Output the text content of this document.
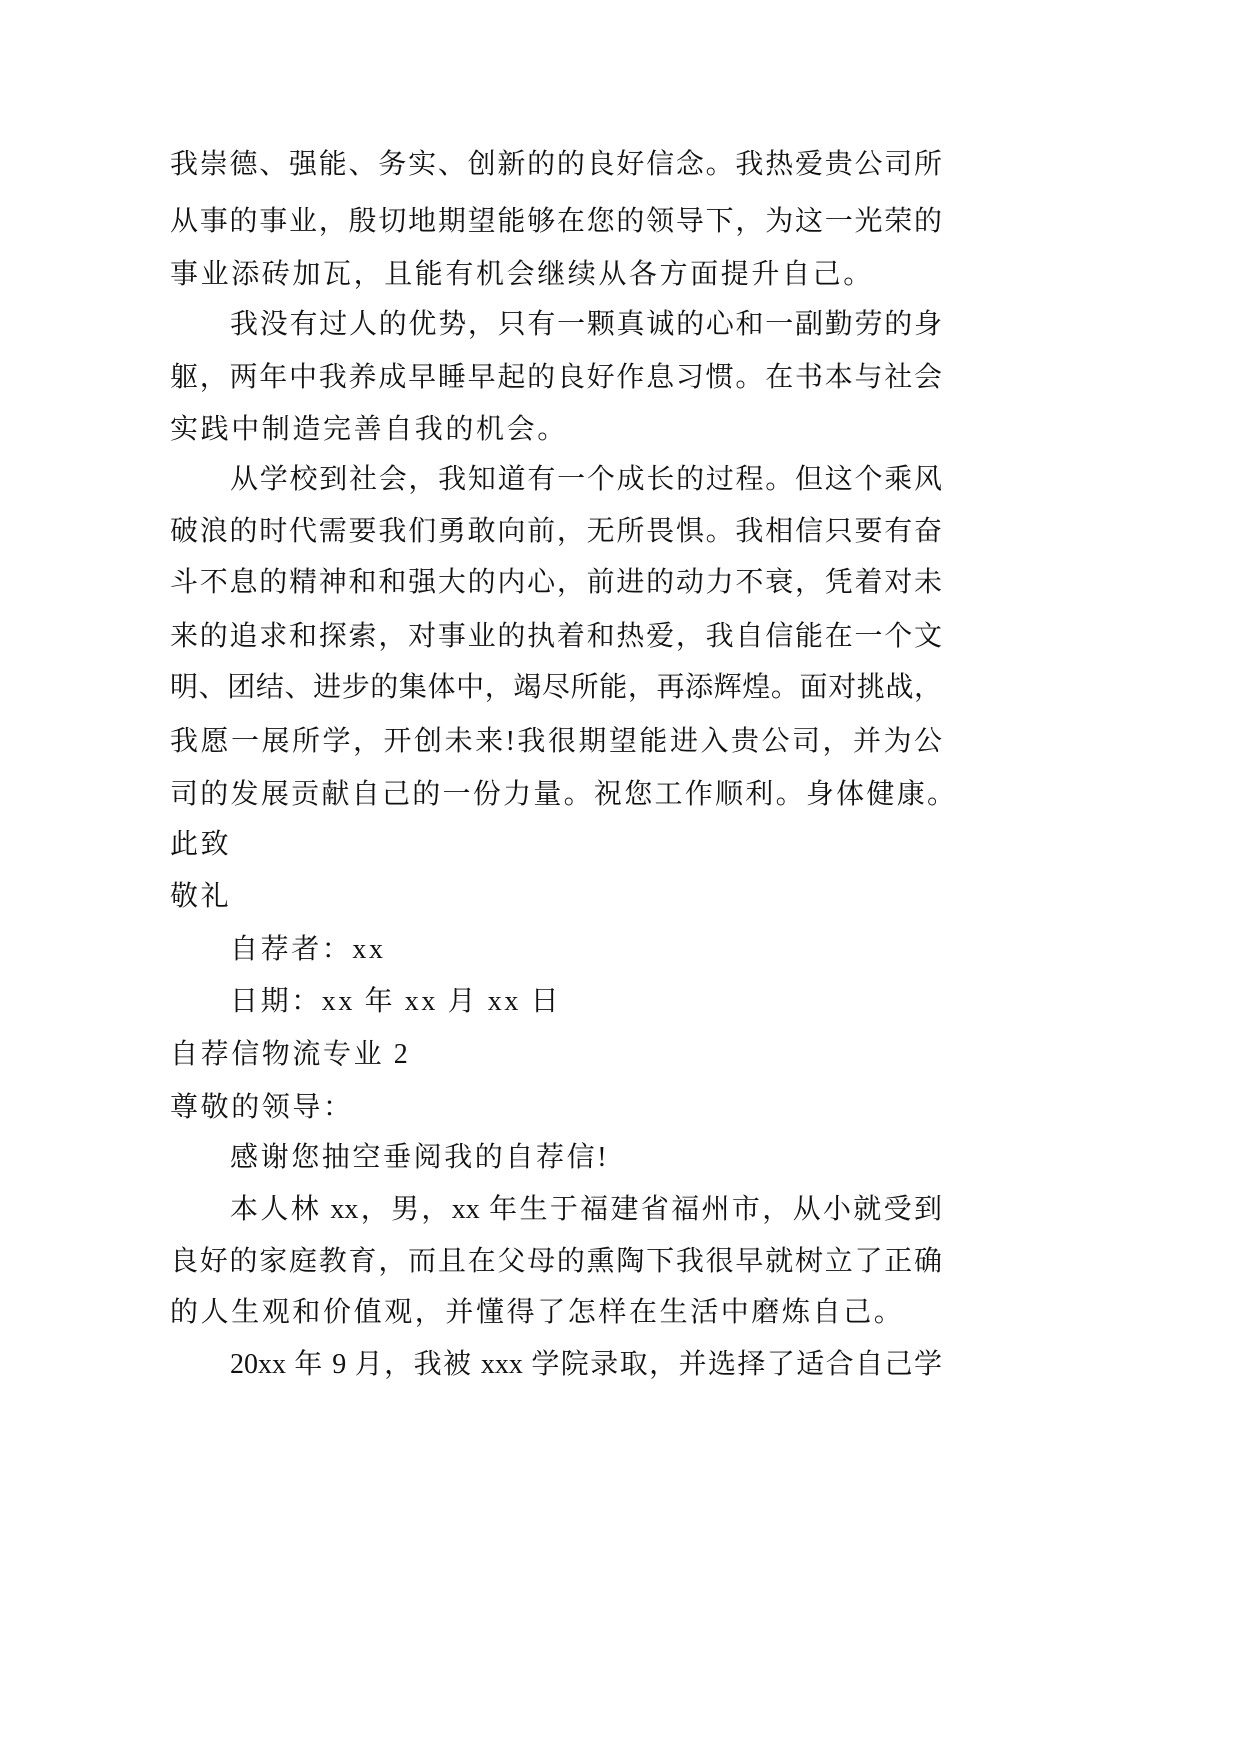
我崇德、强能、务实、创新的的良好信念。我热爱贵公司所
从事的事业，殷切地期望能够在您的领导下，为这一光荣的
事业添砖加瓦，且能有机会继续从各方面提升自己。
我没有过人的优势，只有一颗真诚的心和一副勤劳的身
躯，两年中我养成早睡早起的良好作息习惯。在书本与社会
实践中制造完善自我的机会。
从学校到社会，我知道有一个成长的过程。但这个乘风
破浪的时代需要我们勇敢向前，无所畏惧。我相信只要有奋
斗不息的精神和和强大的内心，前进的动力不衰，凭着对未
来的追求和探索，对事业的执着和热爱，我自信能在一个文
明、团结、进步的集体中，竭尽所能，再添辉煌。面对挑战，
我愿一展所学，开创未来!我很期望能进入贵公司，并为公
司的发展贡献自己的一份力量。祝您工作顺利。身体健康。
此致
敬礼
自荐者：xx
日期：xx 年 xx 月 xx 日
自荐信物流专业 2
尊敬的领导：
感谢您抽空垂阅我的自荐信!
本人林 xx，男，xx 年生于福建省福州市，从小就受到
良好的家庭教育，而且在父母的熏陶下我很早就树立了正确
的人生观和价值观，并懂得了怎样在生活中磨炼自己。
20xx 年 9 月，我被 xxx 学院录取，并选择了适合自己学
